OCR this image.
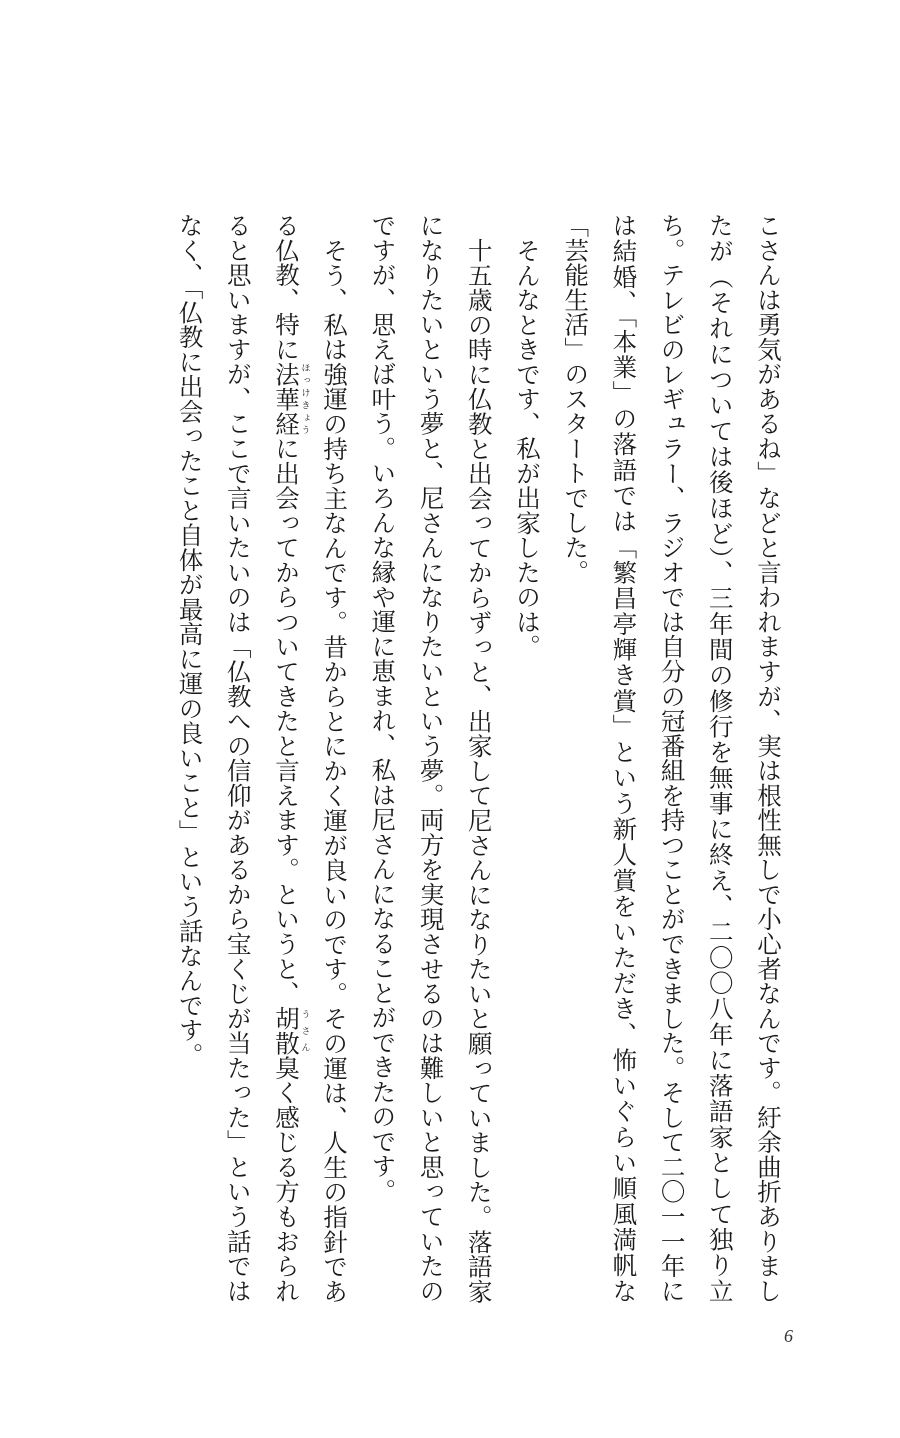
こさんは勇気があるね」などと言われますが、実は根性無しで小心者なんです。紆余曲折ありましたが（それについては後ほど）、三年間の修行を無事に終え、二〇〇八年に落語家として独り立ち。テレビのレギュラー、ラジオでは自分の冠番組を持つことができました。そして二〇一一年には結婚、「本業」の落語では「繁昌亭輝き賞」という新人賞をいただき、怖いぐらい順風満帆な「芸能生活」のスタートでした。

そんなときです、私が出家したのは。

十五歳の時に仏教と出会ってからずっと、出家して尼さんになりたいと願っていました。落語家になりたいという夢と、尼さんになりたいという夢。両方を実現させるのは難しいと思っていたのですが、思えば叶う。いろんな縁や運に恵まれ、私は尼さんになることができたのです。

そう、私は強運の持ち主なんです。昔からとにかく運が良いのです。その運は、人生の指針である仏教、特に法華経ほっけきょうに出会ってからついてきたと言えます。というと、胡散うさん臭く感じる方もおられると思いますが、ここで言いたいのは「仏教への信仰があるから宝くじが当たった」という話ではなく、「仏教に出会ったこと自体が最高に運の良いこと」という話なんです。

6
